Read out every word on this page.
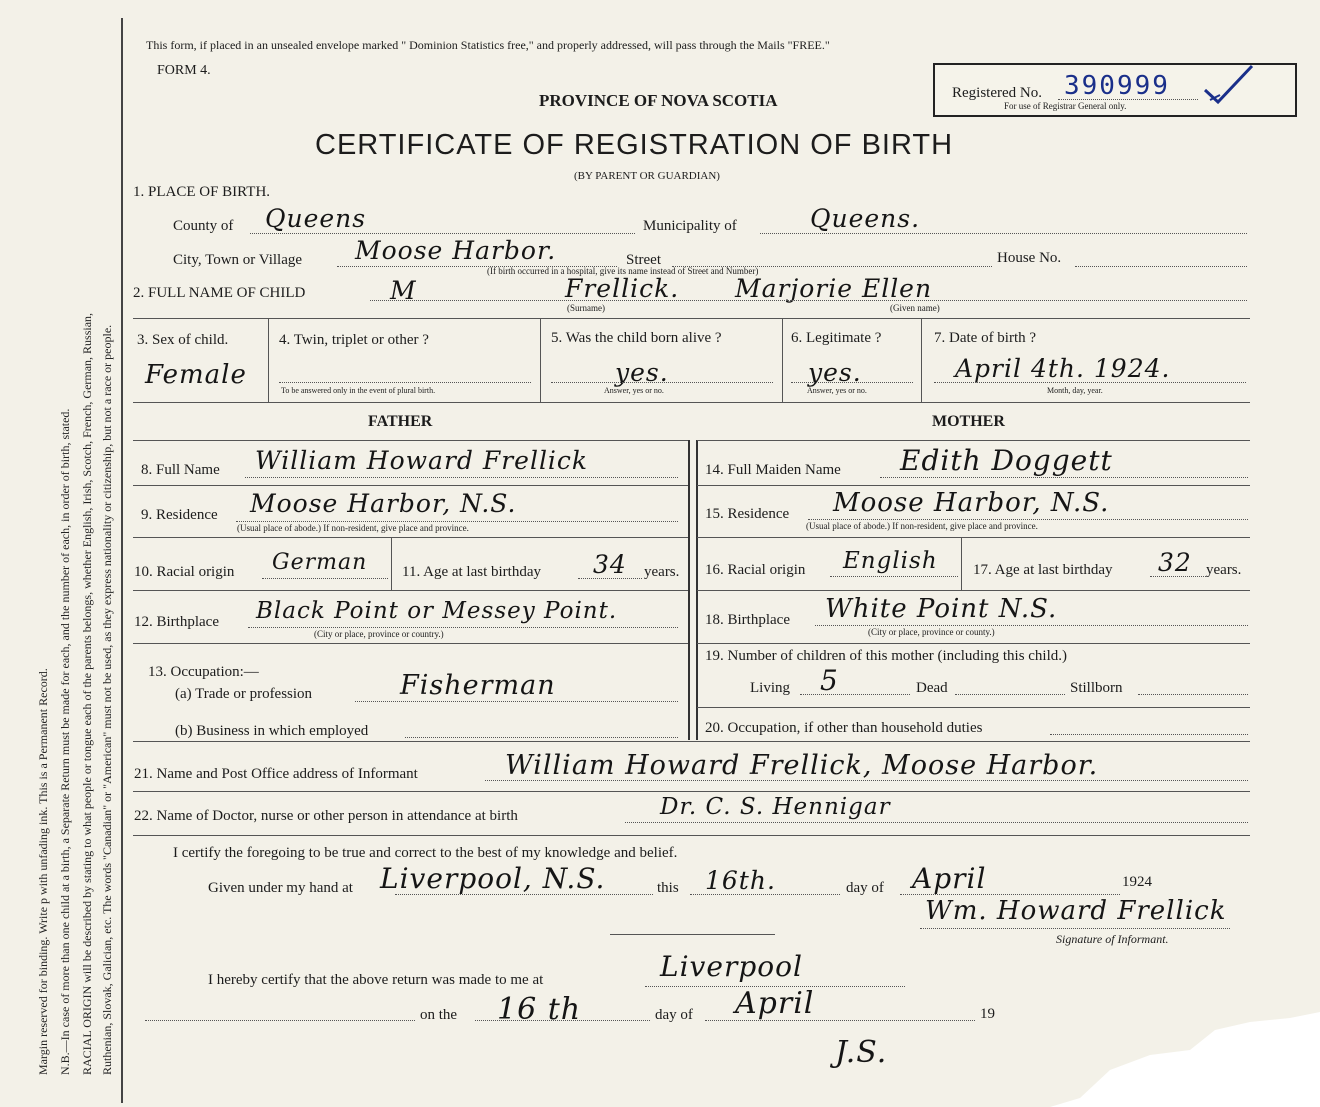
Margin reserved for binding. Write p with unfading ink. This is a Permanent Record. N.B.—In case of more than one child at a birth, a Separate Return must be made for each, and the number of each, in order of birth, stated. RACIAL ORIGIN will be described by stating to what people or tongue each of the parents belongs, whether English, Irish, Scotch, French, German, Russian, Ruthenian, Slovak, Galician, etc. The words "Canadian" or "American" must not be used, as they express nationality or citizenship, but not a race or people.
This form, if placed in an unsealed envelope marked " Dominion Statistics free," and properly addressed, will pass through the Mails "FREE."
FORM 4.
PROVINCE OF NOVA SCOTIA
CERTIFICATE OF REGISTRATION OF BIRTH
(BY PARENT OR GUARDIAN)
Registered No. 390999
For use of Registrar General only.
1. PLACE OF BIRTH.
County of Queens	Municipality of	Queens.
City, Town or Village Moose Harbor.	Street	House No.
(If birth occurred in a hospital, give its name instead of Street and Number)
2. FULL NAME OF CHILD	M	Frellick. Marjorie Ellen
(Surname)	(Given name)
3. Sex of child.
Female
4. Twin, triplet or other ?
To be answered only in the event of plural birth.
5. Was the child born alive ?
yes.
Answer, yes or no.
6. Legitimate ?
yes.
Answer, yes or no.
7. Date of birth ?
April 4th. 1924.
Month, day, year.
FATHER	MOTHER
8. Full Name William Howard Frellick
9. Residence Moose Harbor, N.S.
(Usual place of abode.) If non-resident, give place and province.
10. Racial origin German 11. Age at last birthday 34 years.
12. Birthplace Black Point or Messey Point.
(City or place, province or country.)
13. Occupation:—
(a) Trade or profession	Fisherman
(b) Business in which employed
14. Full Maiden Name Edith Doggett
15. Residence Moose Harbor, N.S.
(Usual place of abode.) If non-resident, give place and province.
16. Racial origin English 17. Age at last birthday 32 years.
18. Birthplace White Point N.S.
(City or place, province or county.)
19. Number of children of this mother (including this child.)
Living 5	Dead	Stillborn
20. Occupation, if other than household duties
21. Name and Post Office address of Informant	William Howard Frellick, Moose Harbor.
22. Name of Doctor, nurse or other person in attendance at birth	Dr. C. S. Hennigar
I certify the foregoing to be true and correct to the best of my knowledge and belief.
Given under my hand at Liverpool, N.S.	this 16th.	day of April	1924
Wm. Howard Frellick
Signature of Informant.
I hereby certify that the above return was made to me at	Liverpool
on the 16 th	day of April	19
J.S.
